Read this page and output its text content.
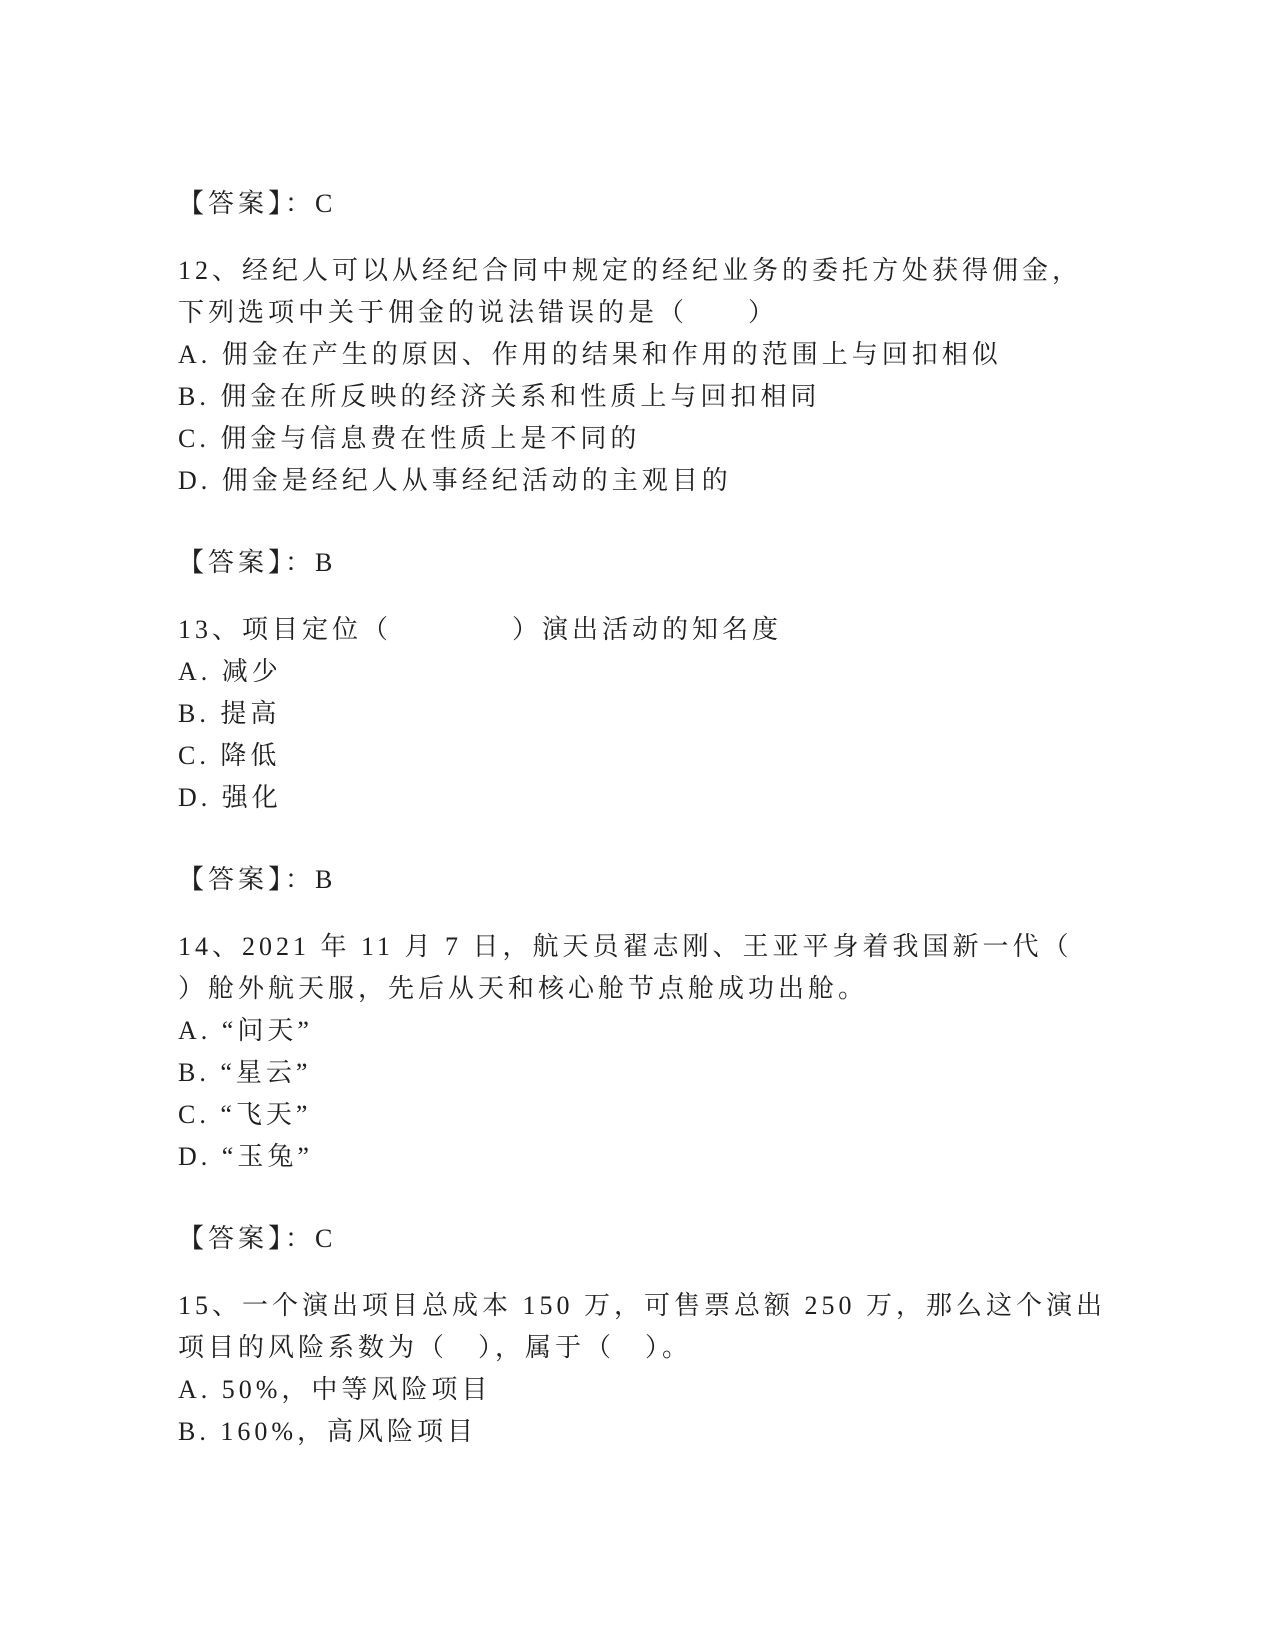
【答案】：C
12、经纪人可以从经纪合同中规定的经纪业务的委托方处获得佣金，
下列选项中关于佣金的说法错误的是（　　）
A. 佣金在产生的原因、作用的结果和作用的范围上与回扣相似
B. 佣金在所反映的经济关系和性质上与回扣相同
C. 佣金与信息费在性质上是不同的
D. 佣金是经纪人从事经纪活动的主观目的
【答案】：B
13、项目定位（　　　　）演出活动的知名度
A. 减少
B. 提高
C. 降低
D. 强化
【答案】：B
14、2021 年 11 月 7 日，航天员翟志刚、王亚平身着我国新一代（
）舱外航天服，先后从天和核心舱节点舱成功出舱。
A. “问天”
B. “星云”
C. “飞天”
D. “玉兔”
【答案】：C
15、一个演出项目总成本 150 万，可售票总额 250 万，那么这个演出
项目的风险系数为（　），属于（　）。
A. 50%，中等风险项目
B. 160%，高风险项目
